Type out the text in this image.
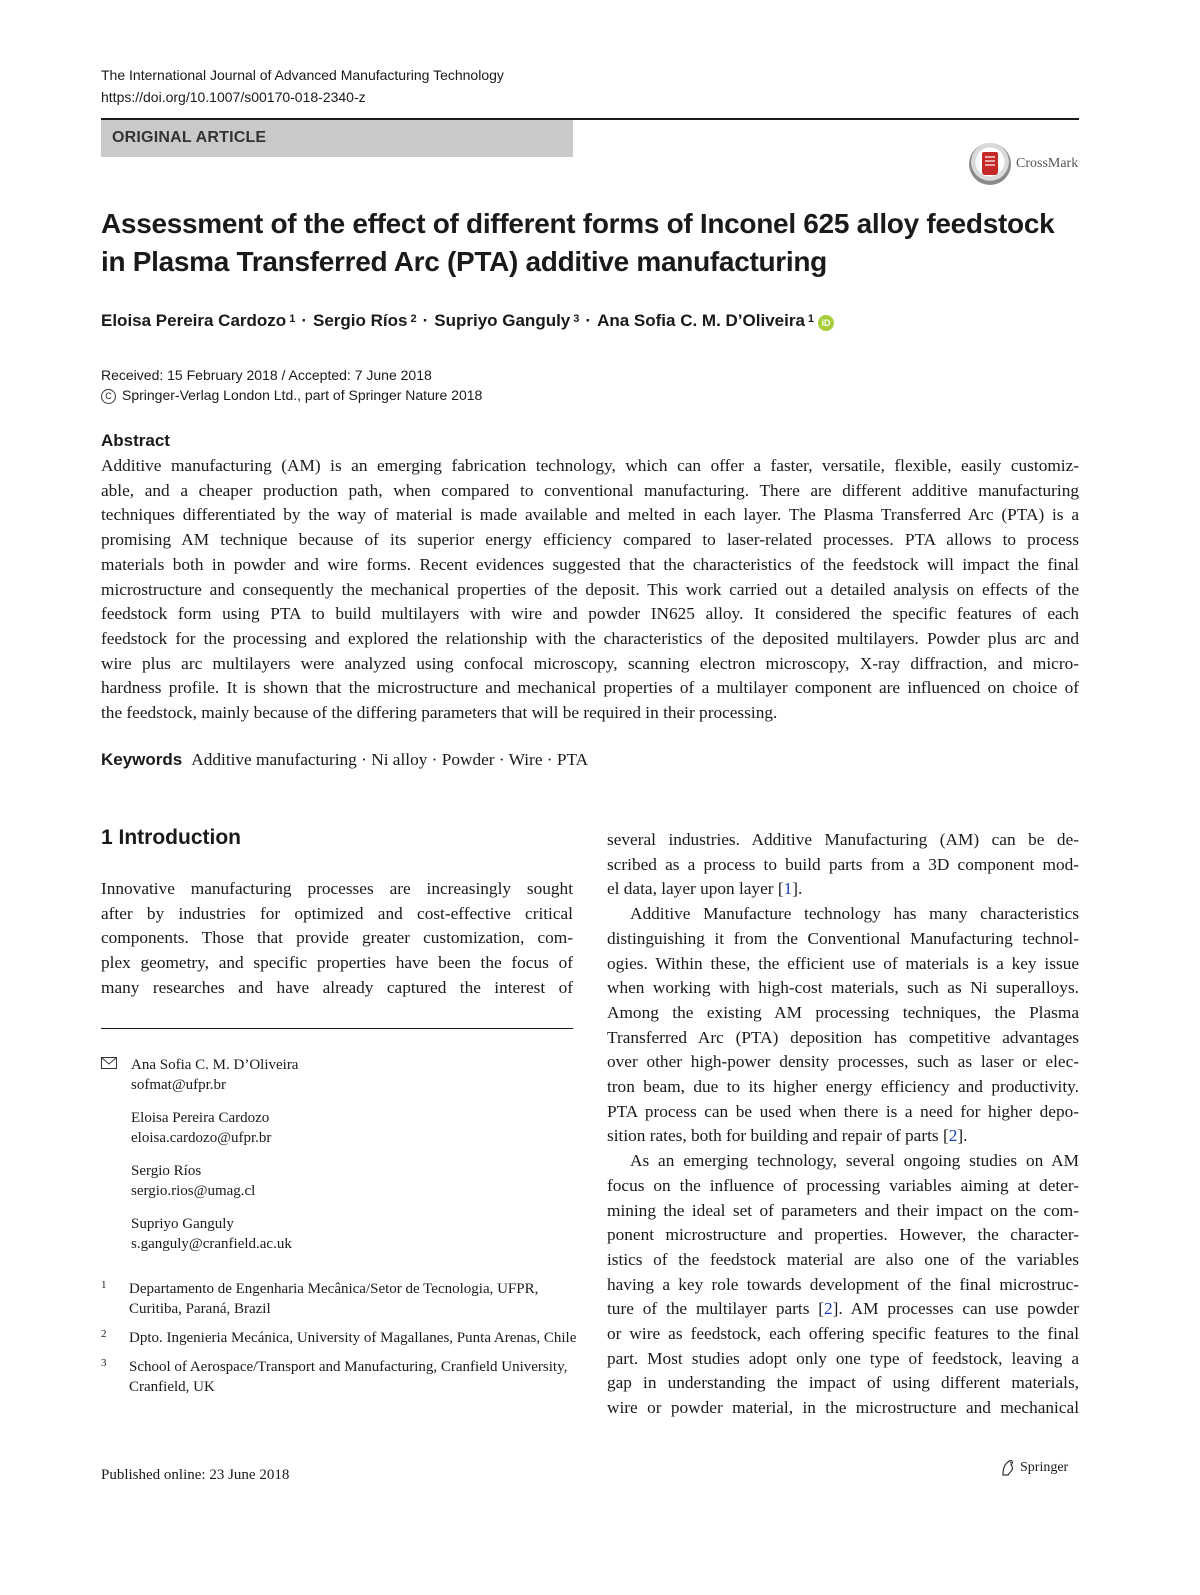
The International Journal of Advanced Manufacturing Technology
https://doi.org/10.1007/s00170-018-2340-z
ORIGINAL ARTICLE
CrossMark
Assessment of the effect of different forms of Inconel 625 alloy feedstock
in Plasma Transferred Arc (PTA) additive manufacturing
Eloisa Pereira Cardozo $^1$ · Sergio Ríos $^2$ · Supriyo Ganguly $^3$ · Ana Sofia C. M. D’Oliveira $^1$ iD
Received: 15 February 2018 / Accepted: 7 June 2018
C Springer-Verlag London Ltd., part of Springer Nature 2018
Abstract
Additive manufacturing (AM) is an emerging fabrication technology, which can offer a faster, versatile, flexible, easily customiz-
able, and a cheaper production path, when compared to conventional manufacturing. There are different additive manufacturing
techniques differentiated by the way of material is made available and melted in each layer. The Plasma Transferred Arc (PTA) is a
promising AM technique because of its superior energy efficiency compared to laser-related processes. PTA allows to process
materials both in powder and wire forms. Recent evidences suggested that the characteristics of the feedstock will impact the final
microstructure and consequently the mechanical properties of the deposit. This work carried out a detailed analysis on effects of the
feedstock form using PTA to build multilayers with wire and powder IN625 alloy. It considered the specific features of each
feedstock for the processing and explored the relationship with the characteristics of the deposited multilayers. Powder plus arc and
wire plus arc multilayers were analyzed using confocal microscopy, scanning electron microscopy, X-ray diffraction, and micro-
hardness profile. It is shown that the microstructure and mechanical properties of a multilayer component are influenced on choice of
the feedstock, mainly because of the differing parameters that will be required in their processing.
Keywords Additive manufacturing · Ni alloy · Powder · Wire · PTA
1 Introduction
Innovative manufacturing processes are increasingly sought
after by industries for optimized and cost-effective critical
components. Those that provide greater customization, com-
plex geometry, and specific properties have been the focus of
many researches and have already captured the interest of
several industries. Additive Manufacturing (AM) can be de-
scribed as a process to build parts from a 3D component mod-
el data, layer upon layer [1].
Additive Manufacture technology has many characteristics
distinguishing it from the Conventional Manufacturing technol-
ogies. Within these, the efficient use of materials is a key issue
when working with high-cost materials, such as Ni superalloys.
Among the existing AM processing techniques, the Plasma
Transferred Arc (PTA) deposition has competitive advantages
over other high-power density processes, such as laser or elec-
tron beam, due to its higher energy efficiency and productivity.
PTA process can be used when there is a need for higher depo-
sition rates, both for building and repair of parts [2].
As an emerging technology, several ongoing studies on AM
focus on the influence of processing variables aiming at deter-
mining the ideal set of parameters and their impact on the com-
ponent microstructure and properties. However, the character-
istics of the feedstock material are also one of the variables
having a key role towards development of the final microstruc-
ture of the multilayer parts [2]. AM processes can use powder
or wire as feedstock, each offering specific features to the final
part. Most studies adopt only one type of feedstock, leaving a
gap in understanding the impact of using different materials,
wire or powder material, in the microstructure and mechanical
Ana Sofia C. M. D’Oliveira
sofmat@ufpr.br
Eloisa Pereira Cardozo
eloisa.cardozo@ufpr.br
Sergio Ríos
sergio.rios@umag.cl
Supriyo Ganguly
s.ganguly@cranfield.ac.uk
1 Departamento de Engenharia Mecânica/Setor de Tecnologia, UFPR, Curitiba, Paraná, Brazil
2 Dpto. Ingenieria Mecánica, University of Magallanes, Punta Arenas, Chile
3 School of Aerospace/Transport and Manufacturing, Cranfield University, Cranfield, UK
Published online: 23 June 2018	Springer
